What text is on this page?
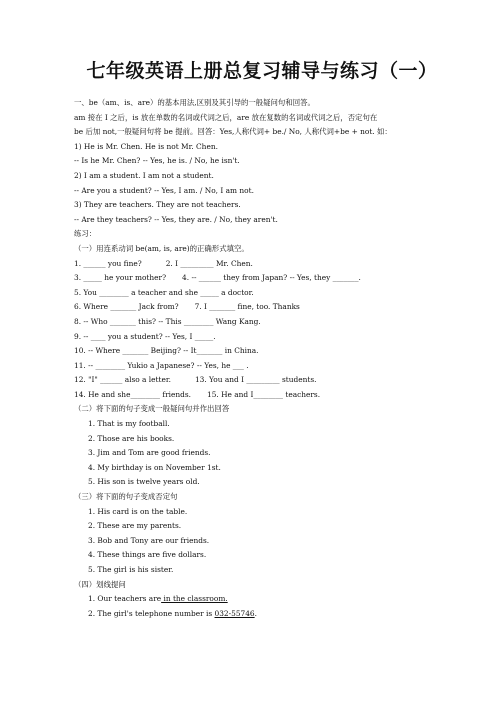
七年级英语上册总复习辅导与练习（一）
一、be（am、is、are）的基本用法,区别及其引导的一般疑问句和回答。
am 接在 I 之后，is 放在单数的名词或代词之后，are 放在复数的名词或代词之后，否定句在
be 后加 not,一般疑问句将 be 提前。回答：Yes,人称代词+ be./ No, 人称代词+be + not. 如：
1) He is Mr. Chen. He is not Mr. Chen.
-- Is he Mr. Chen? -- Yes, he is. / No, he isn't.
2) I am a student. I am not a student.
-- Are you a student? -- Yes, I am. / No, I am not.
3) They are teachers. They are not teachers.
-- Are they teachers? -- Yes, they are. / No, they aren't.
练习：
（一）用连系动词 be(am, is, are)的正确形式填空。
1. ______ you fine?	2. I _________ Mr. Chen.
3. _____ he your mother? 4. -- ______ they from Japan? -- Yes, they _______.
5. You ________ a teacher and she _____ a doctor.
6. Where _______ Jack from? 7. I _______ fine, too. Thanks
8. -- Who _______ this? -- This ________ Wang Kang.
9. -- ____ you a student? -- Yes, I _____.
10. -- Where _______ Beijing? -- It_______ in China.
11. -- ________ Yukio a Japanese? -- Yes, he ___ .
12. "I" ______ also a letter.	13. You and I _________ students.
14. He and she________ friends. 15. He and I________ teachers.
（二）将下面的句子变成一般疑问句并作出回答
1. That is my football.
2. Those are his books.
3. Jim and Tom are good friends.
4. My birthday is on November 1st.
5. His son is twelve years old.
（三）将下面的句子变成否定句
1. His card is on the table.
2. These are my parents.
3. Bob and Tony are our friends.
4. These things are five dollars.
5. The girl is his sister.
（四）划线提问
1. Our teachers are in the classroom.
2. The girl's telephone number is 032-55746.
